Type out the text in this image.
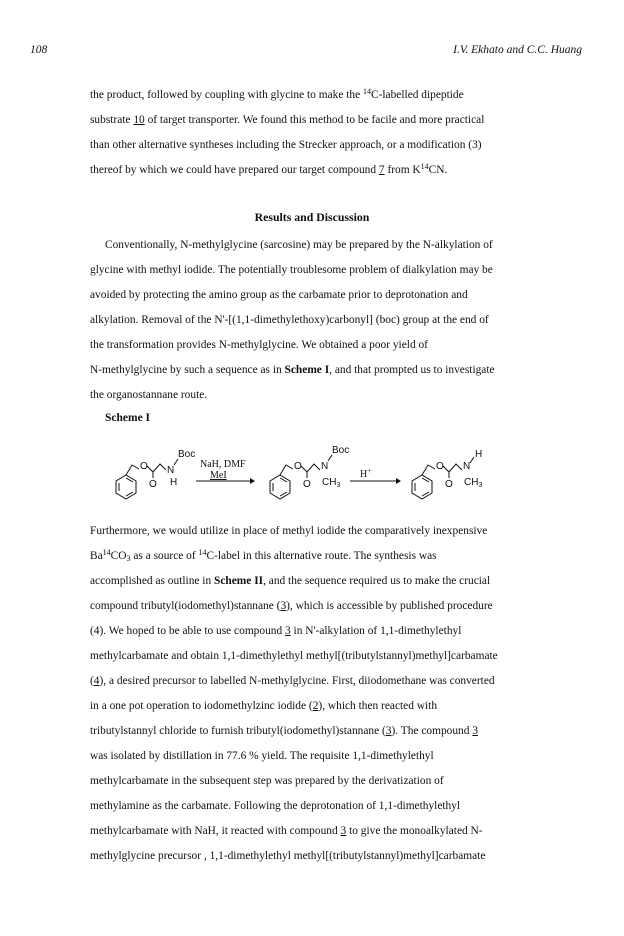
108	I.V. Ekhato and C.C. Huang
the product, followed by coupling with glycine to make the $^{14}$C-labelled dipeptide
substrate 10 of target transporter. We found this method to be facile and more practical
than other alternative syntheses including the Strecker approach, or a modification (3)
thereof by which we could have prepared our target compound 7 from $K^{14}CN$.
Results and Discussion
Conventionally, N-methylglycine (sarcosine) may be prepared by the N-alkylation of
glycine with methyl iodide. The potentially troublesome problem of dialkylation may be
avoided by protecting the amino group as the carbamate prior to deprotonation and
alkylation. Removal of the N'-[(1,1-dimethylethoxy)carbonyl] (boc) group at the end of
the transformation provides N-methylglycine. We obtained a poor yield of
N-methylglycine by such a sequence as in Scheme I, and that prompted us to investigate
the organostannane route.
Scheme I
O
O
N
Boc
H
NaH, DMF
MeI
O
O
N
Boc
$CH_3$
H+	O
O
N
H
$CH_3$
Furthermore, we would utilize in place of methyl iodide the comparatively inexpensive
$Ba^{14}CO_3$ as a source of $^{14}$C-label in this alternative route. The synthesis was
accomplished as outline in Scheme II, and the sequence required us to make the crucial
compound tributyl(iodomethyl)stannane (3), which is accessible by published procedure
(4). We hoped to be able to use compound 3 in N'-alkylation of 1,1-dimethylethyl
methylcarbamate and obtain 1,1-dimethylethyl methyl[(tributylstannyl)methyl]carbamate
(4), a desired precursor to labelled N-methylglycine. First, diiodomethane was converted
in a one pot operation to iodomethylzinc iodide (2), which then reacted with
tributylstannyl chloride to furnish tributyl(iodomethyl)stannane (3). The compound 3
was isolated by distillation in 77.6 % yield. The requisite 1,1-dimethylethyl
methylcarbamate in the subsequent step was prepared by the derivatization of
methylamine as the carbamate. Following the deprotonation of 1,1-dimethylethyl
methylcarbamate with NaH, it reacted with compound 3 to give the monoalkylated N-
methylglycine precursor , 1,1-dimethylethyl methyl[(tributylstannyl)methyl]carbamate
